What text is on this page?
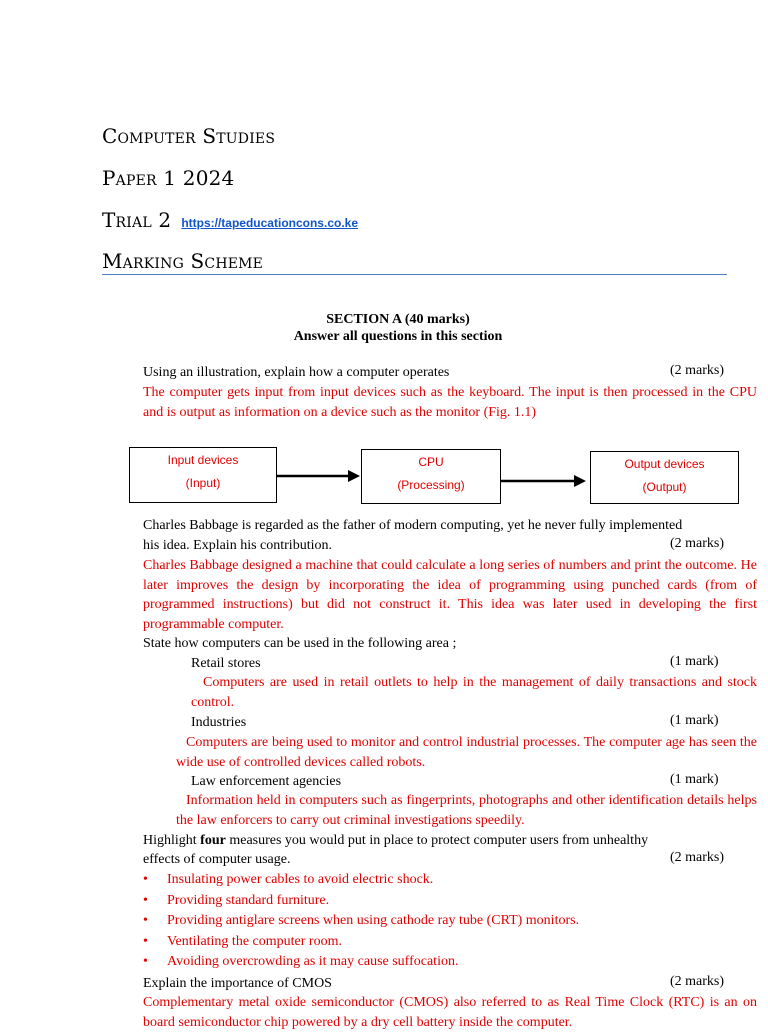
Computer Studies
Paper 1 2024
Trial 2 https://tapeducationcons.co.ke
Marking Scheme
SECTION A (40 marks)
Answer all questions in this section
Using an illustration, explain how a computer operates	(2 marks)
The computer gets input from input devices such as the keyboard. The input is then processed in the CPU and is output as information on a device such as the monitor (Fig. 1.1)
Input devices
(Input)
CPU
(Processing)
Output devices
(Output)
Charles Babbage is regarded as the father of modern computing, yet he never fully implemented
his idea. Explain his contribution.	(2 marks)
Charles Babbage designed a machine that could calculate a long series of numbers and print the outcome. He later improves the design by incorporating the idea of programming using punched cards (from of programmed instructions) but did not construct it. This idea was later used in developing the first programmable computer.
State how computers can be used in the following area ;
Retail stores	(1 mark)
Computers are used in retail outlets to help in the management of daily transactions and stock control.
Industries	(1 mark)
Computers are being used to monitor and control industrial processes. The computer age has seen the wide use of controlled devices called robots.
Law enforcement agencies	(1 mark)
Information held in computers such as fingerprints, photographs and other identification details helps the law enforcers to carry out criminal investigations speedily.
Highlight four measures you would put in place to protect computer users from unhealthy
effects of computer usage.	(2 marks)
• Insulating power cables to avoid electric shock.
• Providing standard furniture.
• Providing antiglare screens when using cathode ray tube (CRT) monitors.
• Ventilating the computer room.
• Avoiding overcrowding as it may cause suffocation.
Explain the importance of CMOS	(2 marks)
Complementary metal oxide semiconductor (CMOS) also referred to as Real Time Clock (RTC) is an on board semiconductor chip powered by a dry cell battery inside the computer.
